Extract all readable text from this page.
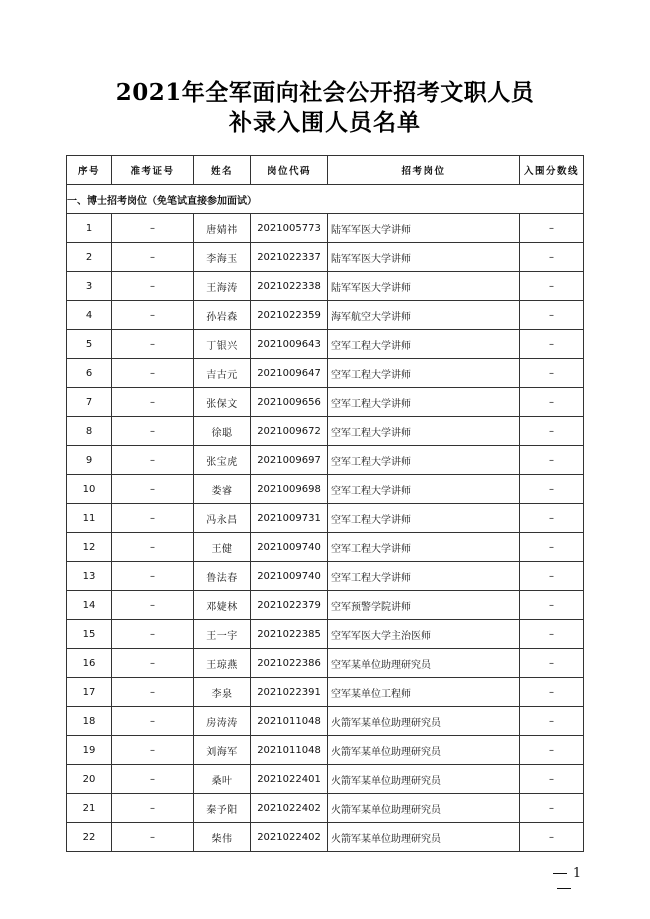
2021年全军面向社会公开招考文职人员
补录入围人员名单
序号	准考证号	姓名	岗位代码	招考岗位	入围分数线
一、博士招考岗位（免笔试直接参加面试）					
1	–	唐婧祎	2021005773	陆军军医大学讲师	–
2	–	李海玉	2021022337	陆军军医大学讲师	–
3	–	王海涛	2021022338	陆军军医大学讲师	–
4	–	孙岩森	2021022359	海军航空大学讲师	–
5	–	丁银兴	2021009643	空军工程大学讲师	–
6	–	吉古元	2021009647	空军工程大学讲师	–
7	–	张保文	2021009656	空军工程大学讲师	–
8	–	徐聪	2021009672	空军工程大学讲师	–
9	–	张宝虎	2021009697	空军工程大学讲师	–
10	–	娄睿	2021009698	空军工程大学讲师	–
11	–	冯永昌	2021009731	空军工程大学讲师	–
12	–	王健	2021009740	空军工程大学讲师	–
13	–	鲁法春	2021009740	空军工程大学讲师	–
14	–	邓婕林	2021022379	空军预警学院讲师	–
15	–	王一宇	2021022385	空军军医大学主治医师	–
16	–	王琼燕	2021022386	空军某单位助理研究员	–
17	–	李泉	2021022391	空军某单位工程师	–
18	–	房涛涛	2021011048	火箭军某单位助理研究员	–
19	–	刘海军	2021011048	火箭军某单位助理研究员	–
20	–	桑叶	2021022401	火箭军某单位助理研究员	–
21	–	秦予阳	2021022402	火箭军某单位助理研究员	–
22	–	柴伟	2021022402	火箭军某单位助理研究员	–
1
